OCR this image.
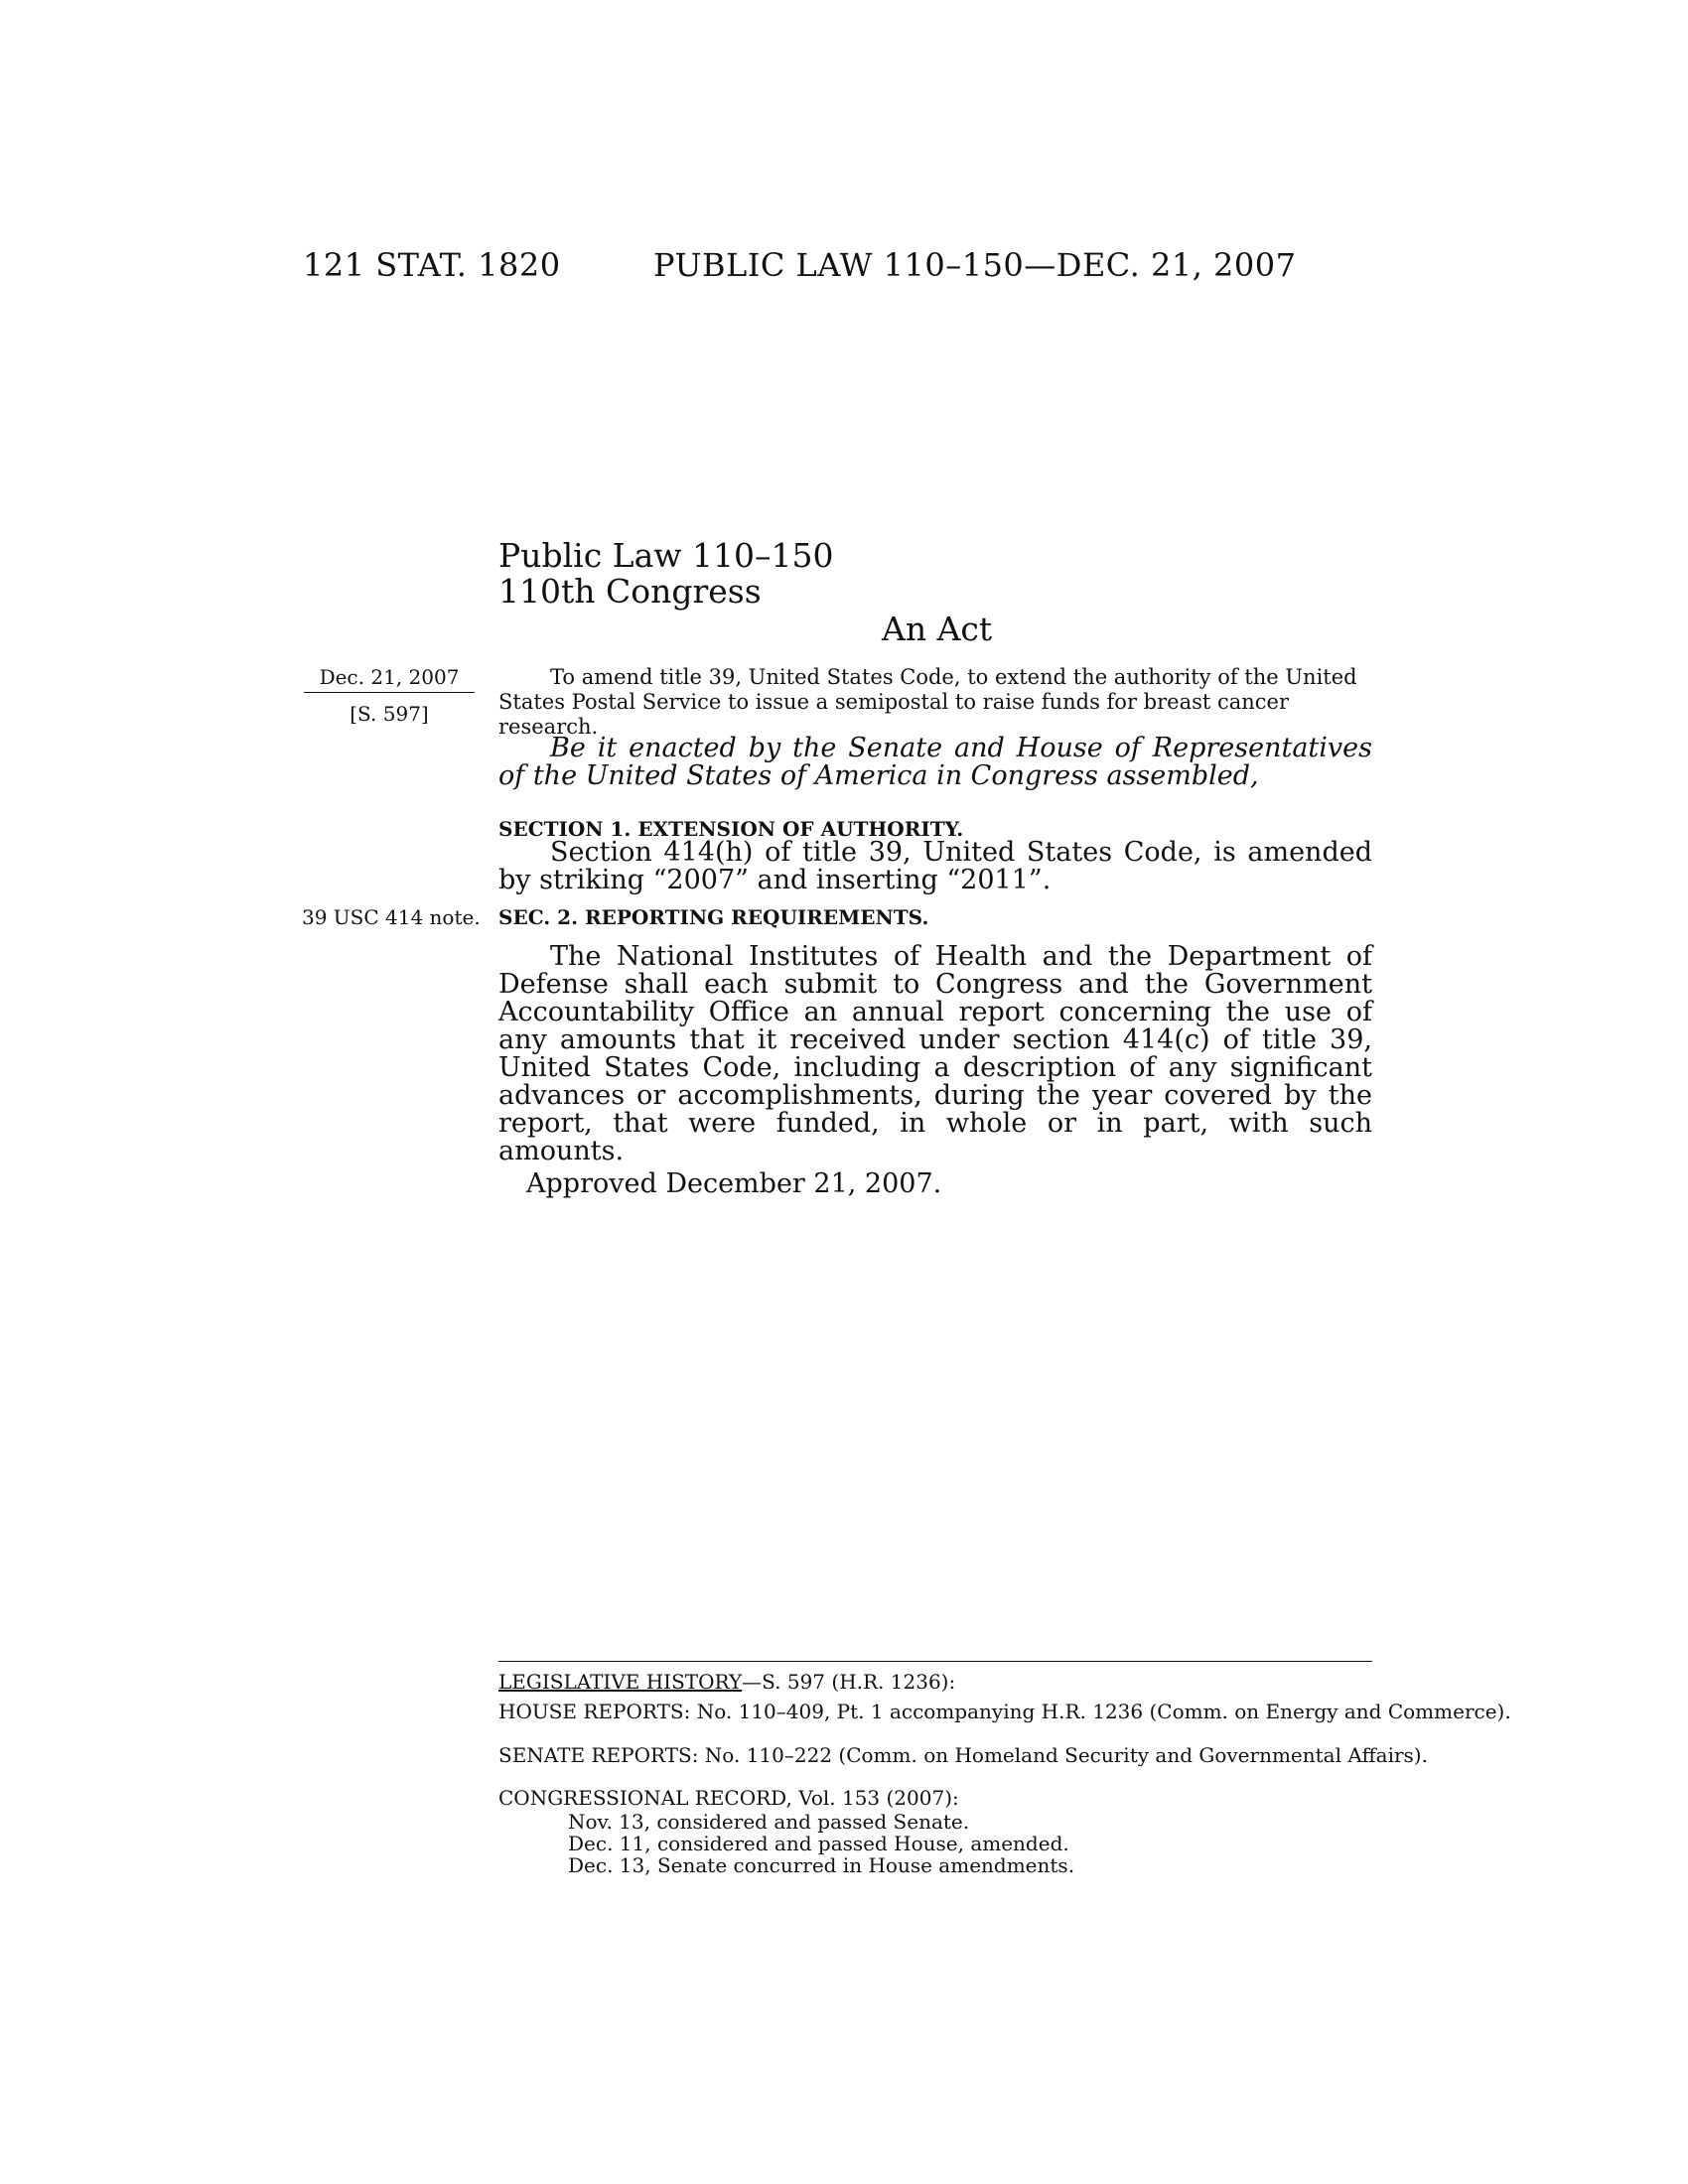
121 STAT. 1820	PUBLIC LAW 110–150—DEC. 21, 2007
Public Law 110–150
110th Congress
An Act
Dec. 21, 2007
[S. 597]
39 USC 414 note.

To amend title 39, United States Code, to extend the authority of the United States Postal Service to issue a semipostal to raise funds for breast cancer research.

Be it enacted by the Senate and House of Representatives of the United States of America in Congress assembled,

SECTION 1. EXTENSION OF AUTHORITY.

Section 414(h) of title 39, United States Code, is amended by striking “2007” and inserting “2011”.

SEC. 2. REPORTING REQUIREMENTS.

The National Institutes of Health and the Department of Defense shall each submit to Congress and the Government Accountability Office an annual report concerning the use of any amounts that it received under section 414(c) of title 39, United States Code, including a description of any significant advances or accomplishments, during the year covered by the report, that were funded, in whole or in part, with such amounts.

Approved December 21, 2007.
LEGISLATIVE HISTORY—S. 597 (H.R. 1236):
HOUSE REPORTS: No. 110–409, Pt. 1 accompanying H.R. 1236 (Comm. on Energy and Commerce).
SENATE REPORTS: No. 110–222 (Comm. on Homeland Security and Governmental Affairs).
CONGRESSIONAL RECORD, Vol. 153 (2007):
Nov. 13, considered and passed Senate.
Dec. 11, considered and passed House, amended.
Dec. 13, Senate concurred in House amendments.
